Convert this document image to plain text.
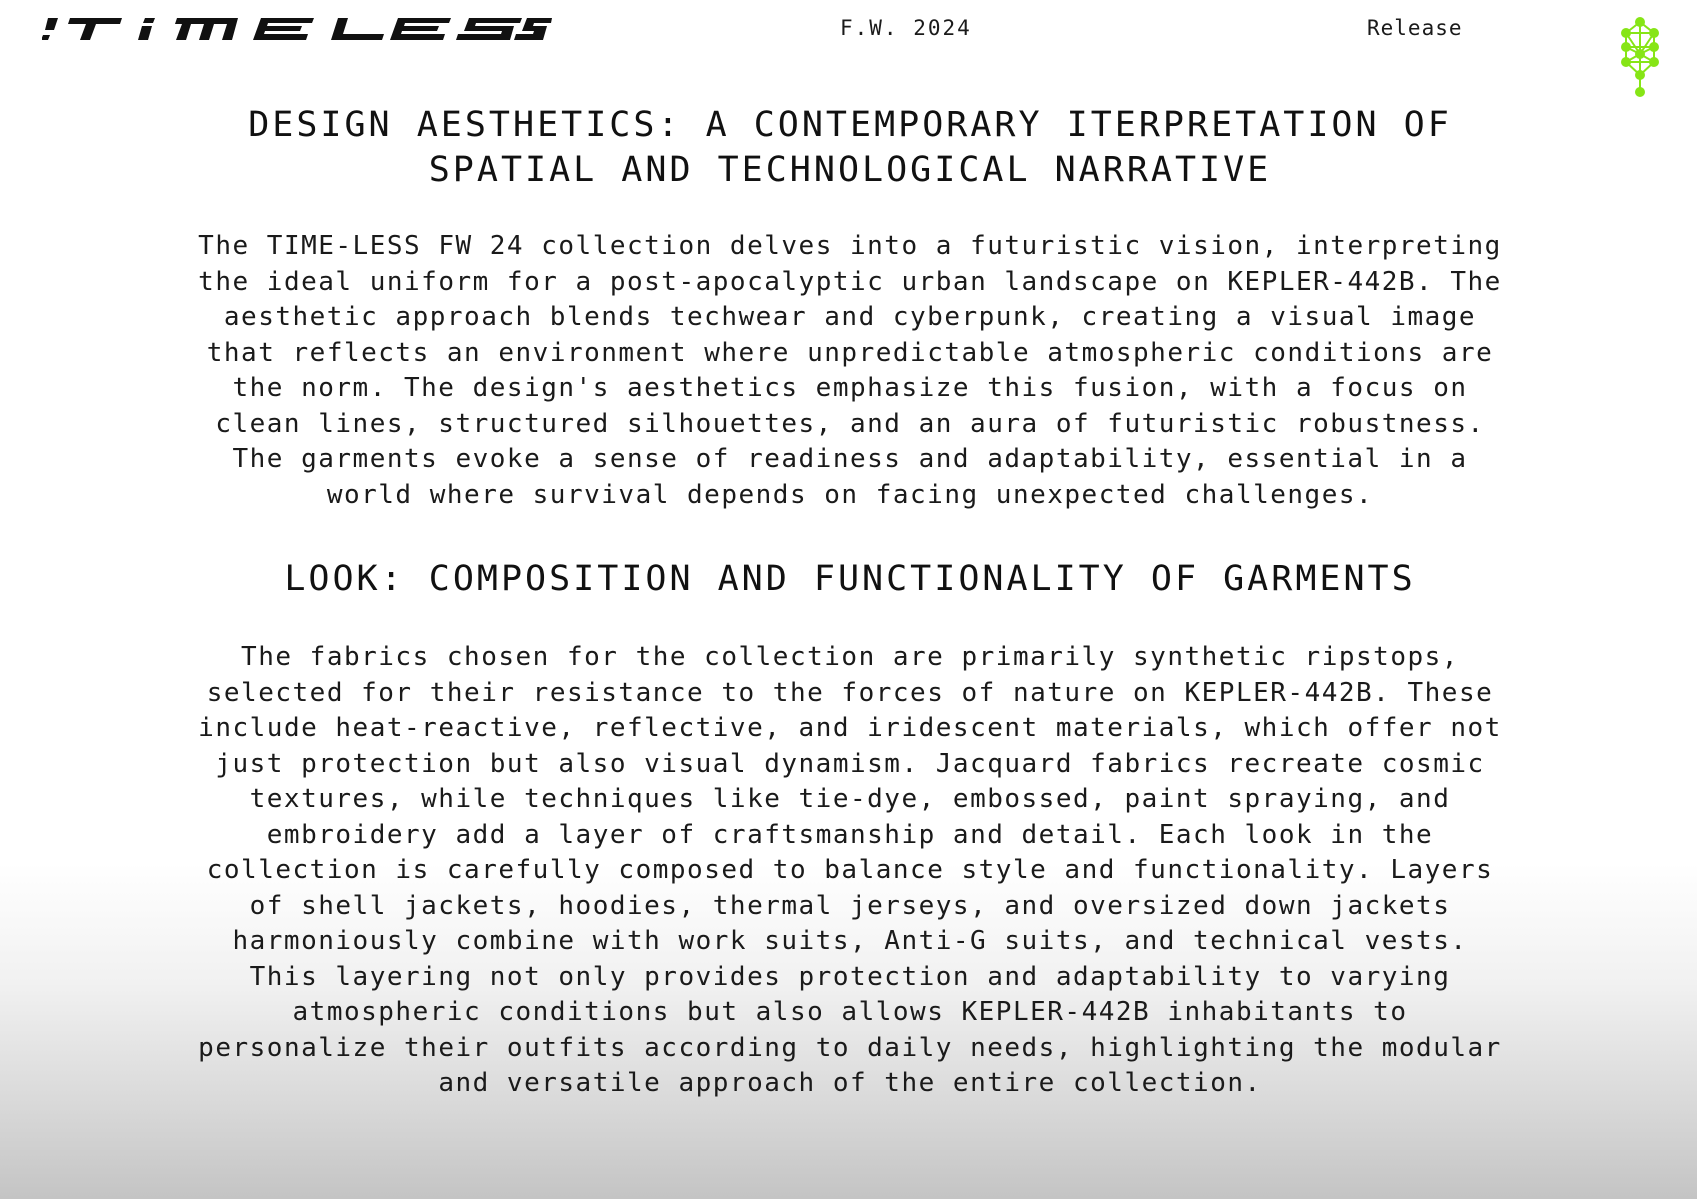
F.W. 2024	Release
DESIGN AESTHETICS: A CONTEMPORARY ITERPRETATION OF SPATIAL AND TECHNOLOGICAL NARRATIVE

The TIME-LESS FW 24 collection delves into a futuristic vision, interpreting the ideal uniform for a post-apocalyptic urban landscape on KEPLER-442B. The aesthetic approach blends techwear and cyberpunk, creating a visual image that reflects an environment where unpredictable atmospheric conditions are the norm. The design's aesthetics emphasize this fusion, with a focus on clean lines, structured silhouettes, and an aura of futuristic robustness. The garments evoke a sense of readiness and adaptability, essential in a world where survival depends on facing unexpected challenges.

LOOK: COMPOSITION AND FUNCTIONALITY OF GARMENTS

The fabrics chosen for the collection are primarily synthetic ripstops, selected for their resistance to the forces of nature on KEPLER-442B. These include heat-reactive, reflective, and iridescent materials, which offer not just protection but also visual dynamism. Jacquard fabrics recreate cosmic textures, while techniques like tie-dye, embossed, paint spraying, and embroidery add a layer of craftsmanship and detail. Each look in the collection is carefully composed to balance style and functionality. Layers of shell jackets, hoodies, thermal jerseys, and oversized down jackets harmoniously combine with work suits, Anti-G suits, and technical vests. This layering not only provides protection and adaptability to varying atmospheric conditions but also allows KEPLER-442B inhabitants to personalize their outfits according to daily needs, highlighting the modular and versatile approach of the entire collection.
